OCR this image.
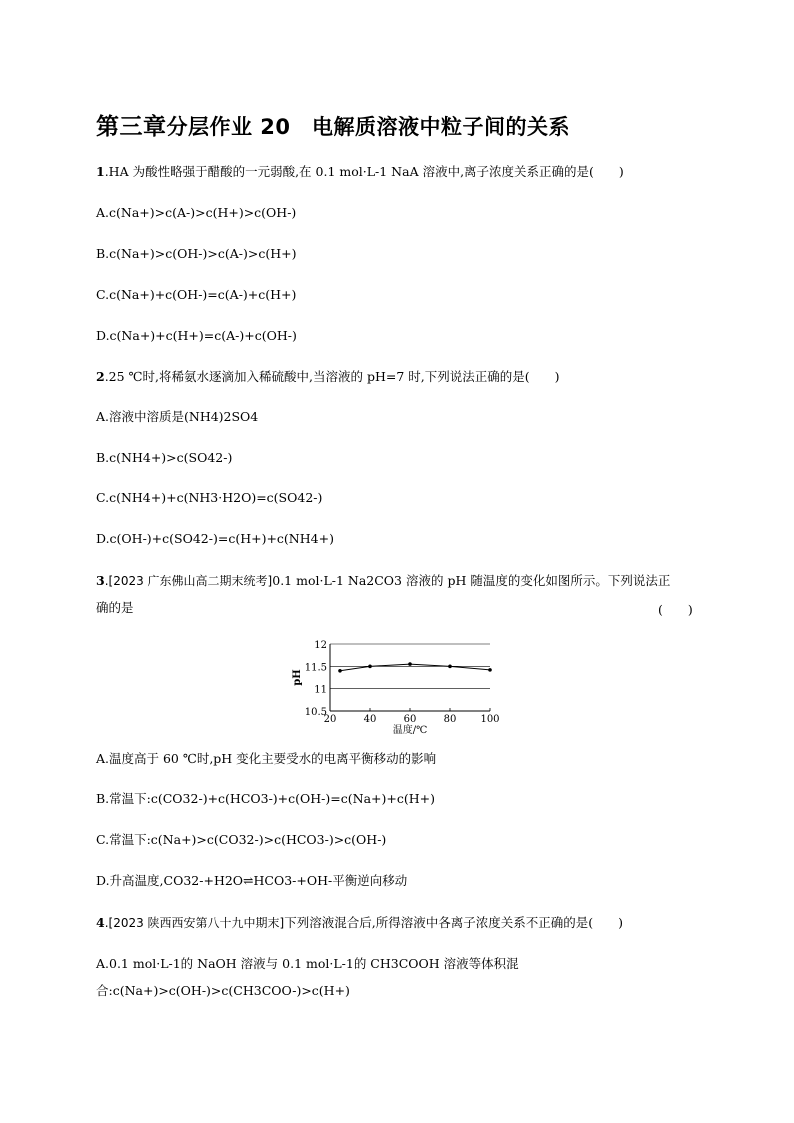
第三章分层作业 20　电解质溶液中粒子间的关系
1.HA 为酸性略强于醋酸的一元弱酸,在 0.1 mol·L-1 NaA 溶液中,离子浓度关系正确的是(　　)
A.c(Na+)>c(A-)>c(H+)>c(OH-)
B.c(Na+)>c(OH-)>c(A-)>c(H+)
C.c(Na+)+c(OH-)=c(A-)+c(H+)
D.c(Na+)+c(H+)=c(A-)+c(OH-)
2.25 ℃时,将稀氨水逐滴加入稀硫酸中,当溶液的 pH=7 时,下列说法正确的是(　　)
A.溶液中溶质是(NH4)2SO4
B.c(NH4+)>c(SO42-)
C.c(NH4+)+c(NH3·H2O)=c(SO42-)
D.c(OH-)+c(SO42-)=c(H+)+c(NH4+)
3.[2023 广东佛山高二期末统考]0.1 mol·L-1 Na2CO3 溶液的 pH 随温度的变化如图所示。下列说法正
确的是	(　　)
20	40	60	80 100
10.5
11
11.5
12
温度/℃
pH
A.温度高于 60 ℃时,pH 变化主要受水的电离平衡移动的影响
B.常温下:c(CO32-)+c(HCO3-)+c(OH-)=c(Na+)+c(H+)
C.常温下:c(Na+)>c(CO32-)>c(HCO3-)>c(OH-)
D.升高温度,CO32-+H2O⇌HCO3-+OH-平衡逆向移动
4.[2023 陕西西安第八十九中期末]下列溶液混合后,所得溶液中各离子浓度关系不正确的是(　　)
A.0.1 mol·L-1的 NaOH 溶液与 0.1 mol·L-1的 CH3COOH 溶液等体积混
合:c(Na+)>c(OH-)>c(CH3COO-)>c(H+)
